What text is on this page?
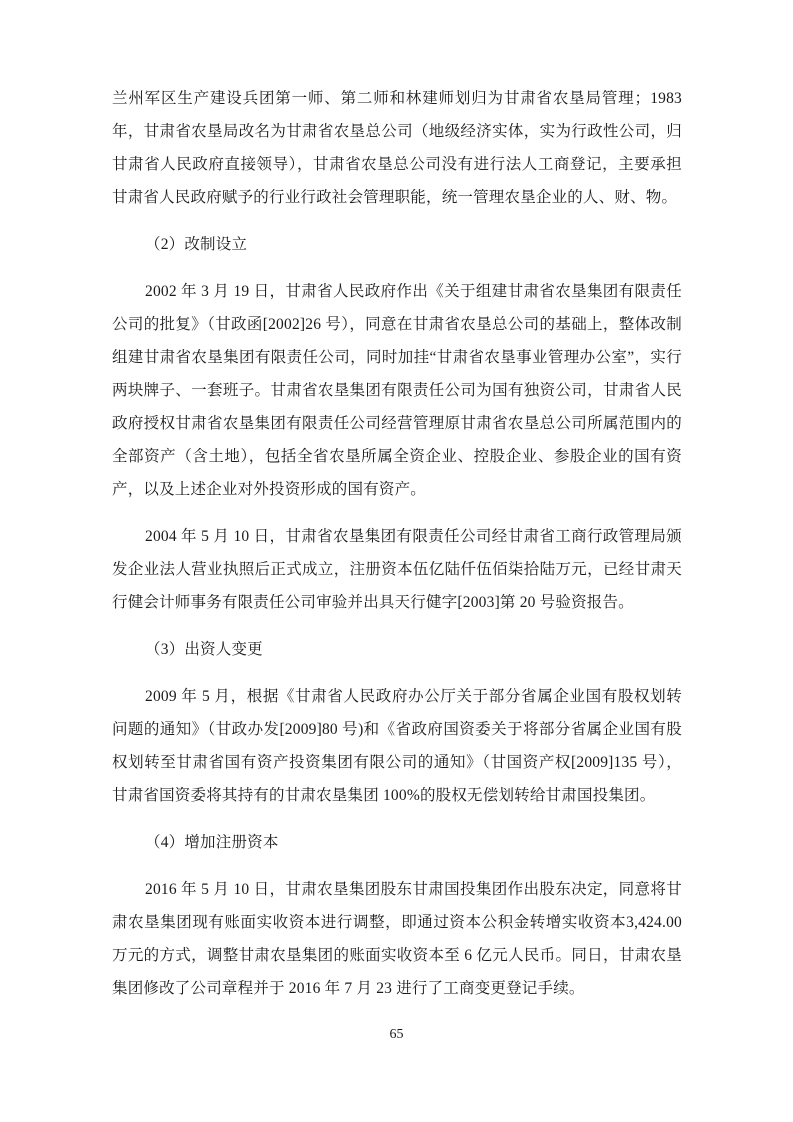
兰州军区生产建设兵团第一师、第二师和林建师划归为甘肃省农垦局管理；1983年，甘肃省农垦局改名为甘肃省农垦总公司（地级经济实体，实为行政性公司，归甘肃省人民政府直接领导），甘肃省农垦总公司没有进行法人工商登记，主要承担甘肃省人民政府赋予的行业行政社会管理职能，统一管理农垦企业的人、财、物。

（2）改制设立

2002 年 3 月 19 日，甘肃省人民政府作出《关于组建甘肃省农垦集团有限责任公司的批复》（甘政函[2002]26 号），同意在甘肃省农垦总公司的基础上，整体改制组建甘肃省农垦集团有限责任公司，同时加挂“甘肃省农垦事业管理办公室”，实行两块牌子、一套班子。甘肃省农垦集团有限责任公司为国有独资公司，甘肃省人民政府授权甘肃省农垦集团有限责任公司经营管理原甘肃省农垦总公司所属范围内的全部资产（含土地），包括全省农垦所属全资企业、控股企业、参股企业的国有资产，以及上述企业对外投资形成的国有资产。

2004 年 5 月 10 日，甘肃省农垦集团有限责任公司经甘肃省工商行政管理局颁发企业法人营业执照后正式成立，注册资本伍亿陆仟伍佰柒拾陆万元，已经甘肃天行健会计师事务有限责任公司审验并出具天行健字[2003]第 20 号验资报告。

（3）出资人变更

2009 年 5 月，根据《甘肃省人民政府办公厅关于部分省属企业国有股权划转问题的通知》（甘政办发[2009]80 号)和《省政府国资委关于将部分省属企业国有股权划转至甘肃省国有资产投资集团有限公司的通知》（甘国资产权[2009]135 号），甘肃省国资委将其持有的甘肃农垦集团 100%的股权无偿划转给甘肃国投集团。

（4）增加注册资本

2016 年 5 月 10 日，甘肃农垦集团股东甘肃国投集团作出股东决定，同意将甘肃农垦集团现有账面实收资本进行调整，即通过资本公积金转增实收资本3,424.00 万元的方式，调整甘肃农垦集团的账面实收资本至 6 亿元人民币。同日，甘肃农垦集团修改了公司章程并于 2016 年 7 月 23 进行了工商变更登记手续。

65
